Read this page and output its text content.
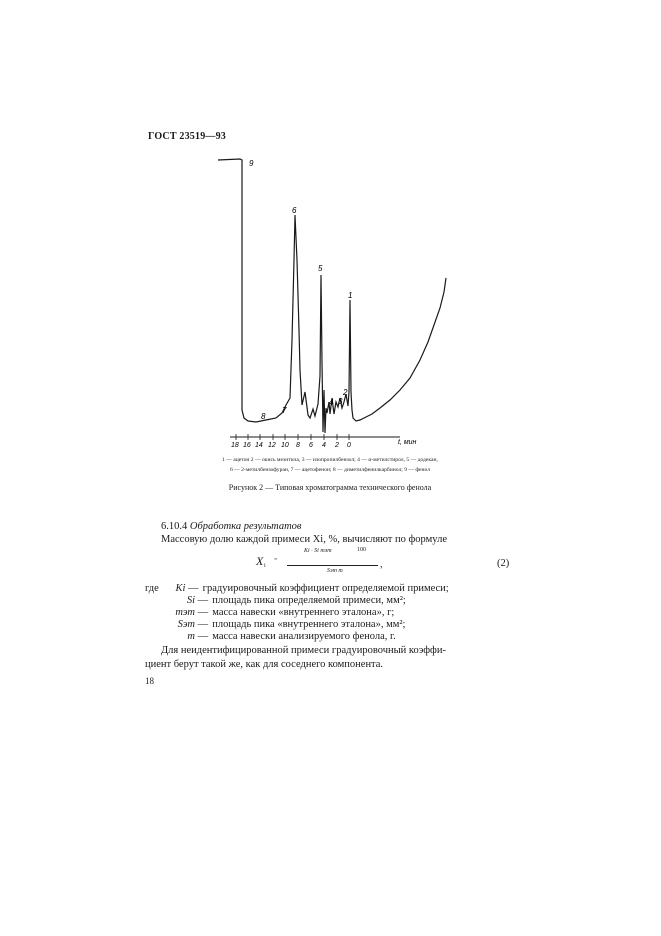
ГОСТ 23519—93
18 16 14 12 10 8 6 4 2 0	t, мин
9
6
5
1
2
3
4
7
8
1 — ацетон 2 — окись мезитила, 3 — изопропилбензол; 4 — α-метилстирол, 5 — додекан,
6 — 2-метилбензофуран, 7 — ацетофенон; 8 — диметилфенилкарбинол; 9 — фенол
Рисунок 2 — Типовая хроматограмма технического фенола
6.10.4 Обработка результатов
Массовую долю каждой примеси Xi, %, вычисляют по формуле
X i
=
Ki · Si mэт	100
Sэт m
,	(2)
где Ki — градуировочный коэффициент определяемой примеси;
Si — площадь пика определяемой примеси, мм²;
mэт — масса навески «внутреннего эталона», г;
Sэт — площадь пика «внутреннего эталона», мм²;
m — масса навески анализируемого фенола, г.
Для неидентифицированной примеси градуировочный коэффи-
циент берут такой же, как для соседнего компонента.
18
